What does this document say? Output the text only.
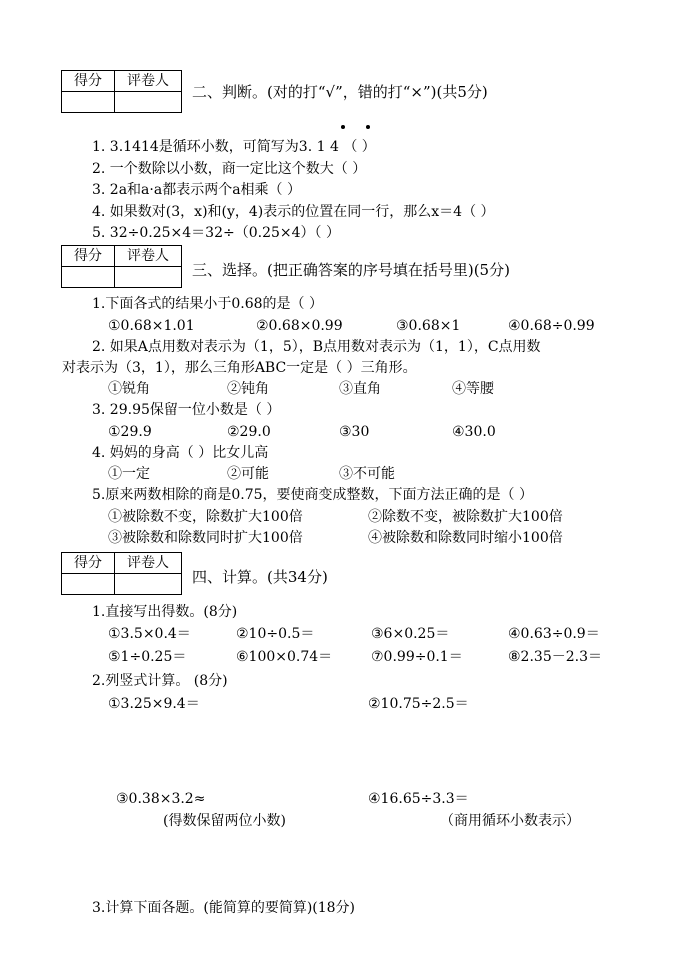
得分	评卷人

二、判断。(对的打“√”，错的打“×”)(共5分)
1. 3.1414是循环小数，可简写为3. 1 4 （ ）
2. 一个数除以小数，商一定比这个数大（ ）
3. 2a和a·a都表示两个a相乘（ ）
4. 如果数对(3，x)和(y，4)表示的位置在同一行，那么x＝4（ ）
5. 32÷0.25×4＝32÷（0.25×4）（ ）
得分	评卷人

三、选择。(把正确答案的序号填在括号里)(5分)
1.下面各式的结果小于0.68的是（ ）
①0.68×1.01	②0.68×0.99	③0.68×1	④0.68÷0.99
2. 如果A点用数对表示为（1，5），B点用数对表示为（1，1），C点用数
对表示为（3，1），那么三角形ABC一定是（ ）三角形。
①锐角	②钝角	③直角	④等腰
3. 29.95保留一位小数是（ ）
①29.9	②29.0	③30	④30.0
4. 妈妈的身高（ ）比女儿高
①一定	②可能	③不可能
5.原来两数相除的商是0.75，要使商变成整数，下面方法正确的是（ ）
①被除数不变，除数扩大100倍	②除数不变，被除数扩大100倍
③被除数和除数同时扩大100倍	④被除数和除数同时缩小100倍
得分	评卷人

四、计算。(共34分)
1.直接写出得数。(8分)
①3.5×0.4＝	②10÷0.5＝	③6×0.25＝	④0.63÷0.9＝
⑤1÷0.25＝	⑥100×0.74＝	⑦0.99÷0.1＝	⑧2.35－2.3＝
2.列竖式计算。 (8分)
①3.25×9.4＝	②10.75÷2.5＝
③0.38×3.2≈	④16.65÷3.3＝
(得数保留两位小数)	（商用循环小数表示）
3.计算下面各题。(能简算的要简算)(18分)
